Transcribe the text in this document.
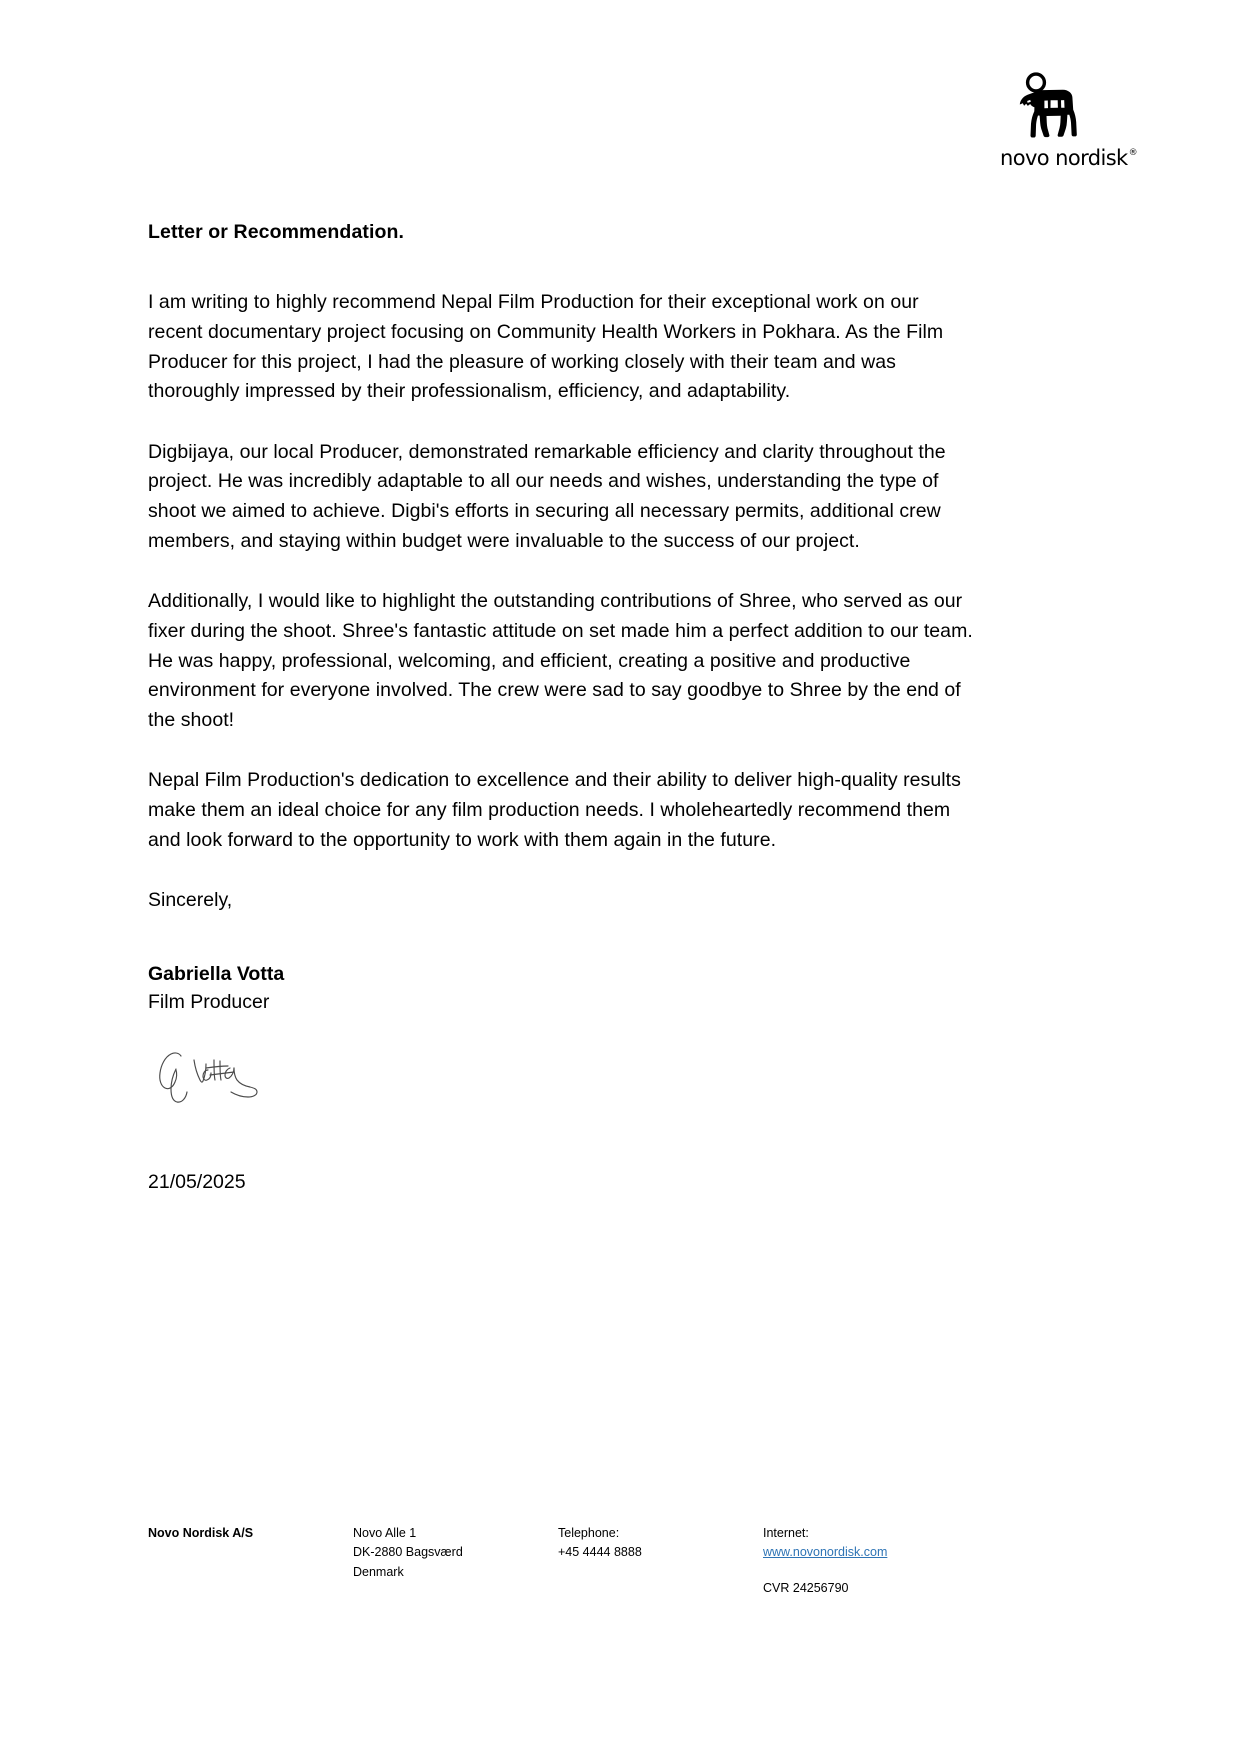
novo nordisk ®
Letter or Recommendation.

I am writing to highly recommend Nepal Film Production for their exceptional work on our recent documentary project focusing on Community Health Workers in Pokhara. As the Film Producer for this project, I had the pleasure of working closely with their team and was thoroughly impressed by their professionalism, efficiency, and adaptability.

Digbijaya, our local Producer, demonstrated remarkable efficiency and clarity throughout the project. He was incredibly adaptable to all our needs and wishes, understanding the type of shoot we aimed to achieve. Digbi's efforts in securing all necessary permits, additional crew members, and staying within budget were invaluable to the success of our project.

Additionally, I would like to highlight the outstanding contributions of Shree, who served as our fixer during the shoot. Shree's fantastic attitude on set made him a perfect addition to our team. He was happy, professional, welcoming, and efficient, creating a positive and productive environment for everyone involved. The crew were sad to say goodbye to Shree by the end of the shoot!

Nepal Film Production's dedication to excellence and their ability to deliver high-quality results make them an ideal choice for any film production needs. I wholeheartedly recommend them and look forward to the opportunity to work with them again in the future.

Sincerely,

Gabriella Votta

Film Producer

21/05/2025

Novo Nordisk A/S	Novo Alle 1
DK-2880 Bagsværd
Denmark
Telephone:
+45 4444 8888
Internet:
www.novonordisk.com
CVR 24256790
